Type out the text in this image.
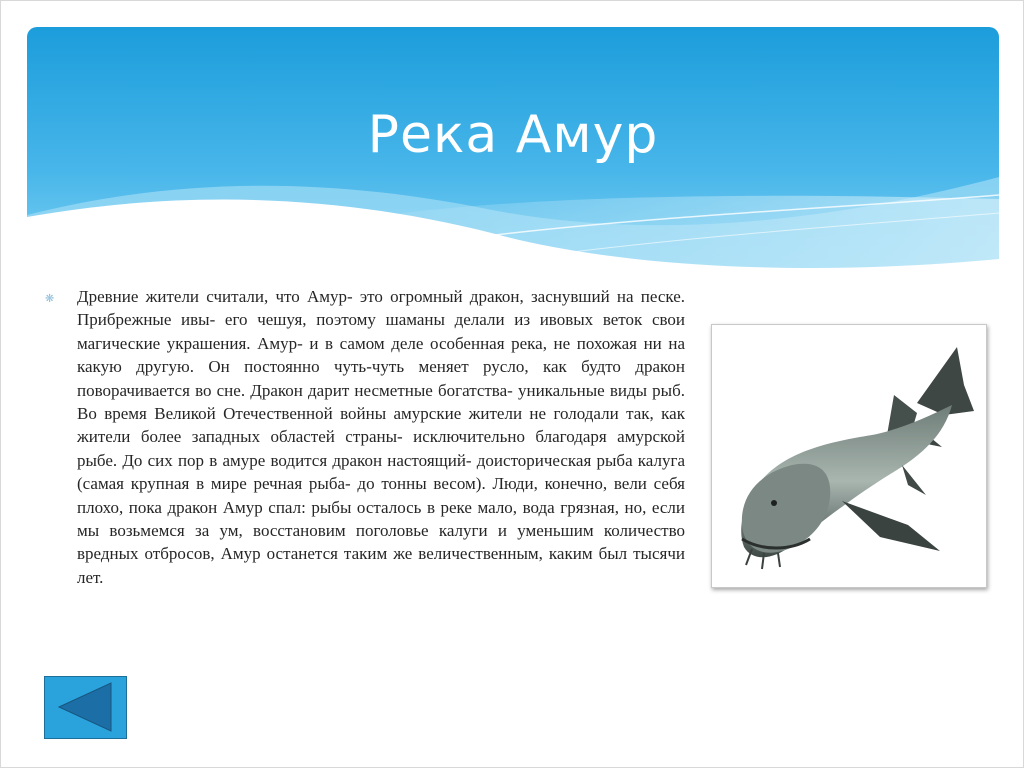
Река Амур
❋ Древние жители считали, что Амур- это огромный дракон, заснувший на песке. Прибрежные ивы- его чешуя, поэтому шаманы делали из ивовых веток свои магические украшения. Амур- и в самом деле особенная река, не похожая ни на какую другую. Он постоянно чуть-чуть меняет русло, как будто дракон поворачивается во сне. Дракон дарит несметные богатства- уникальные виды рыб. Во время Великой Отечественной войны амурские жители не голодали так, как жители более западных областей страны- исключительно благодаря амурской рыбе. До сих пор в амуре водится дракон настоящий- доисторическая рыба калуга (самая крупная в мире речная рыба- до тонны весом). Люди, конечно, вели себя плохо, пока дракон Амур спал: рыбы осталось в реке мало, вода грязная, но, если мы возьмемся за ум, восстановим поголовье калуги и уменьшим количество вредных отбросов, Амур останется таким же величественным, каким был тысячи лет.
